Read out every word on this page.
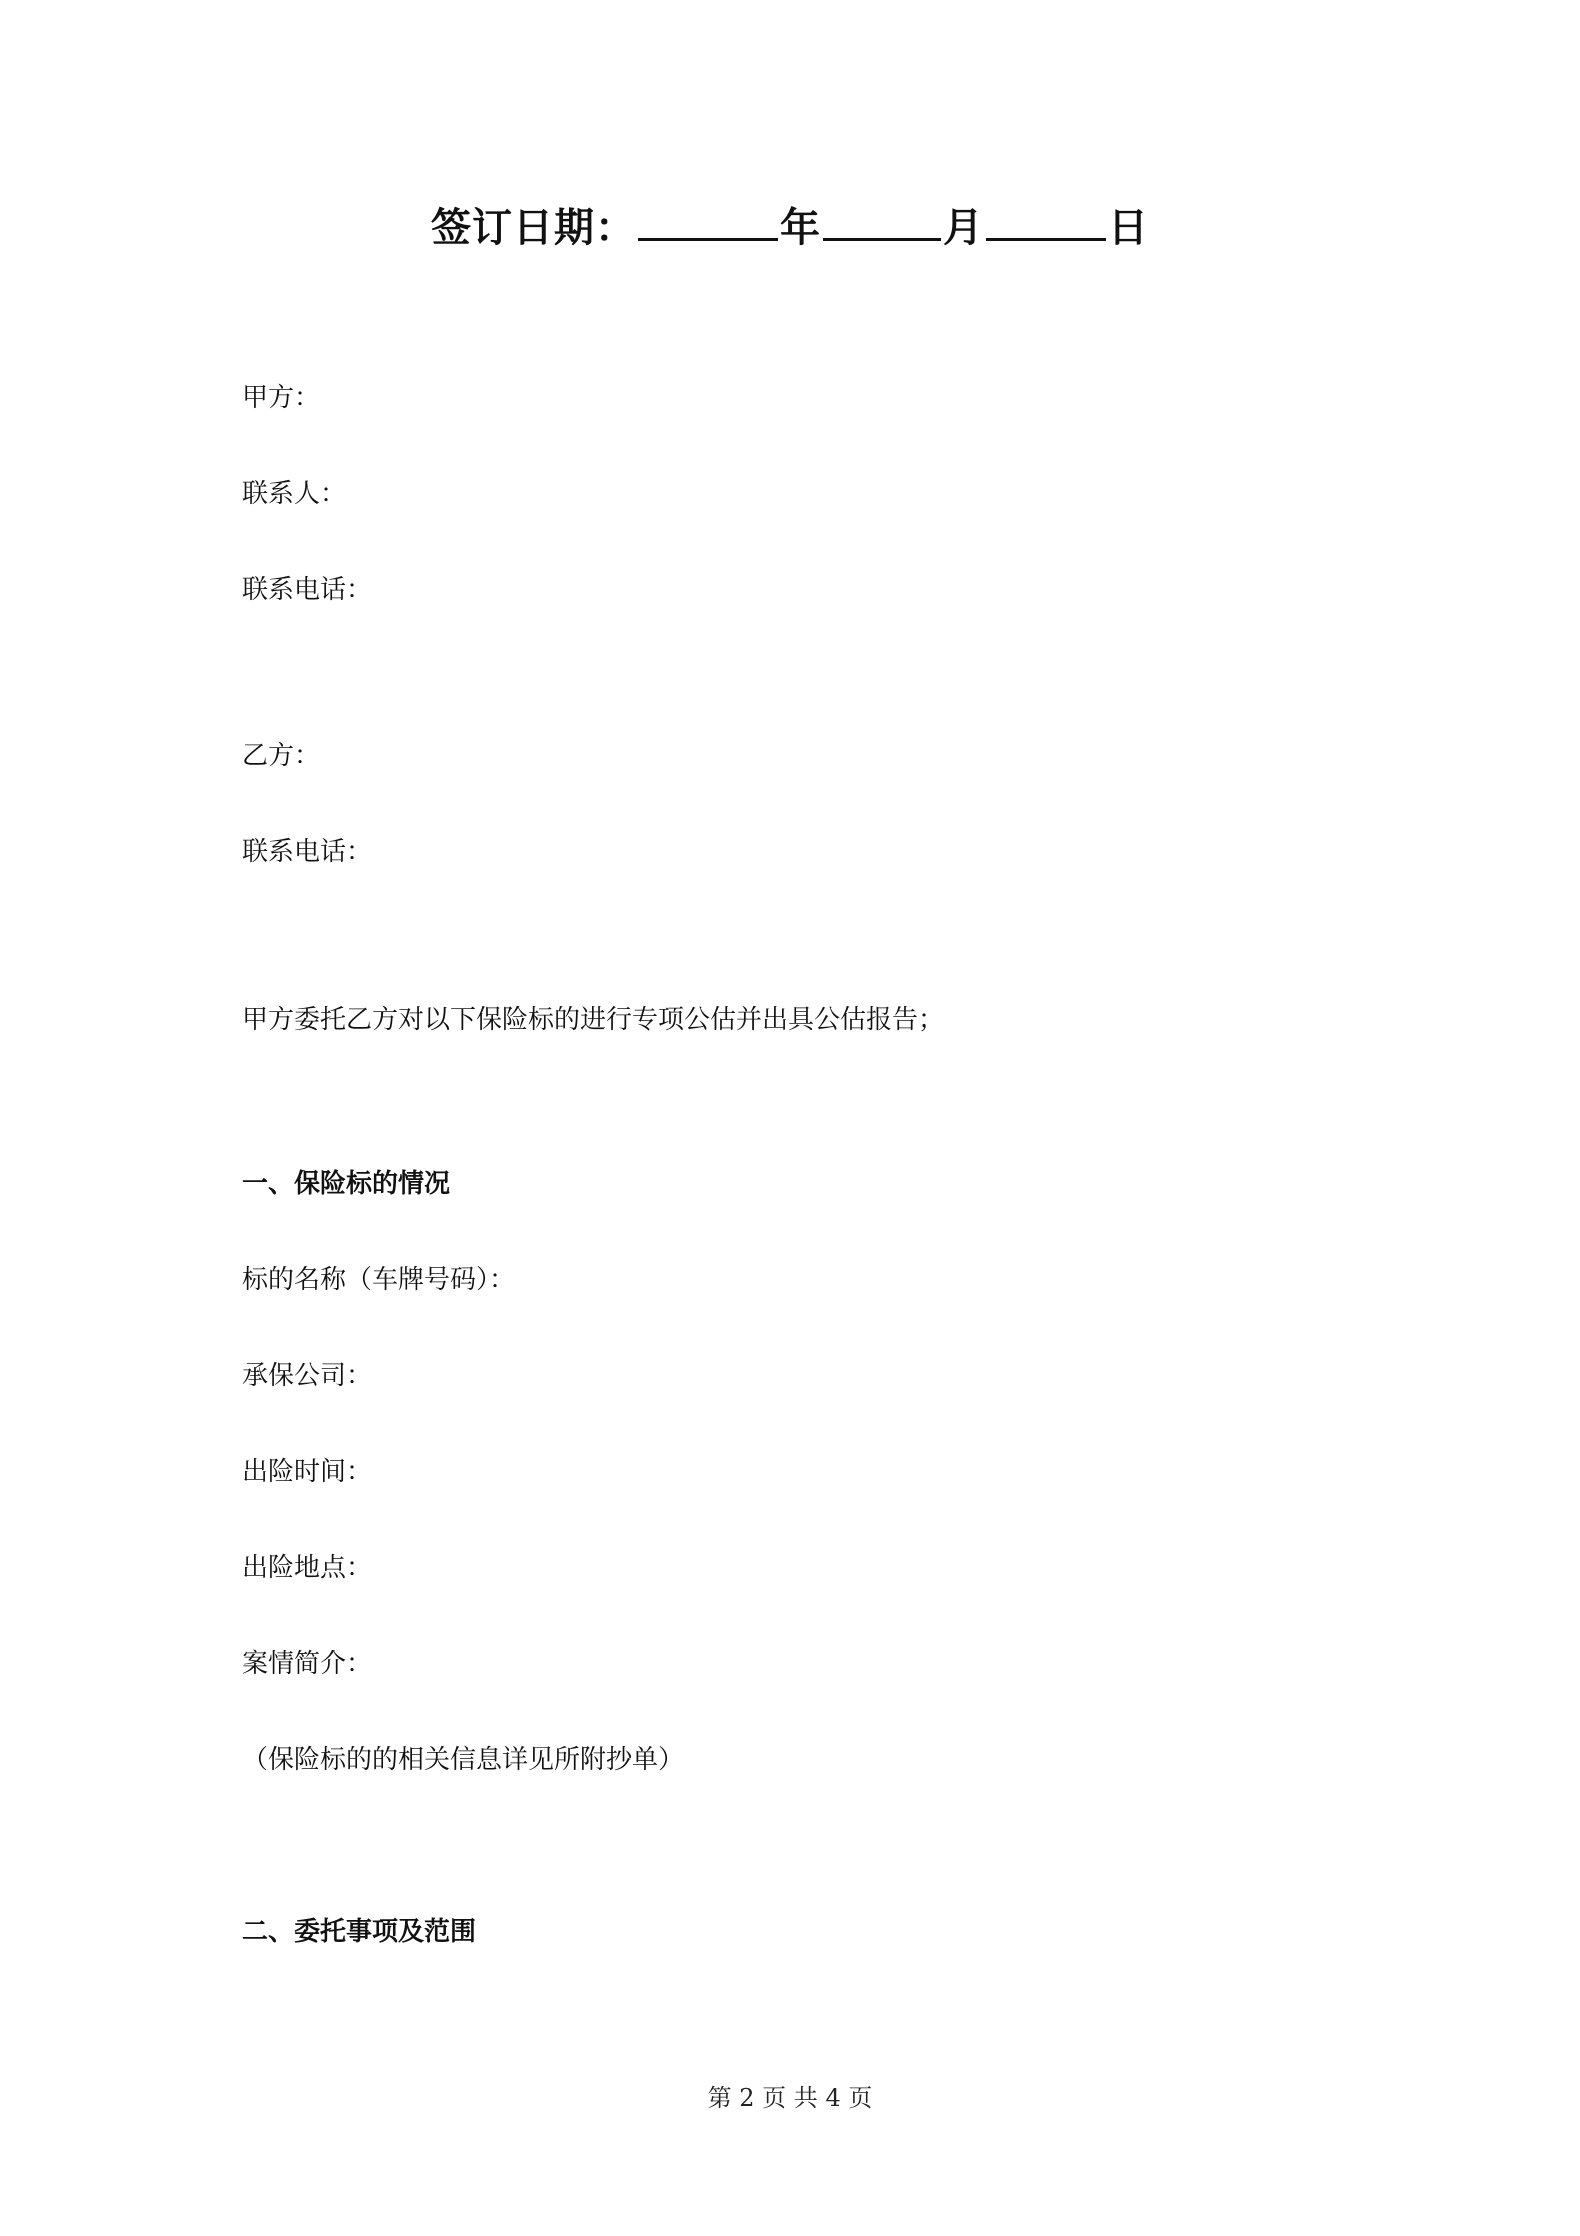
签订日期：	年	月	日
甲方：
联系人：
联系电话：
乙方：
联系电话：
甲方委托乙方对以下保险标的进行专项公估并出具公估报告；
一、保险标的情况
标的名称（车牌号码）：
承保公司：
出险时间：
出险地点：
案情简介：
（保险标的的相关信息详见所附抄单）
二、委托事项及范围
第 2 页 共 4 页
